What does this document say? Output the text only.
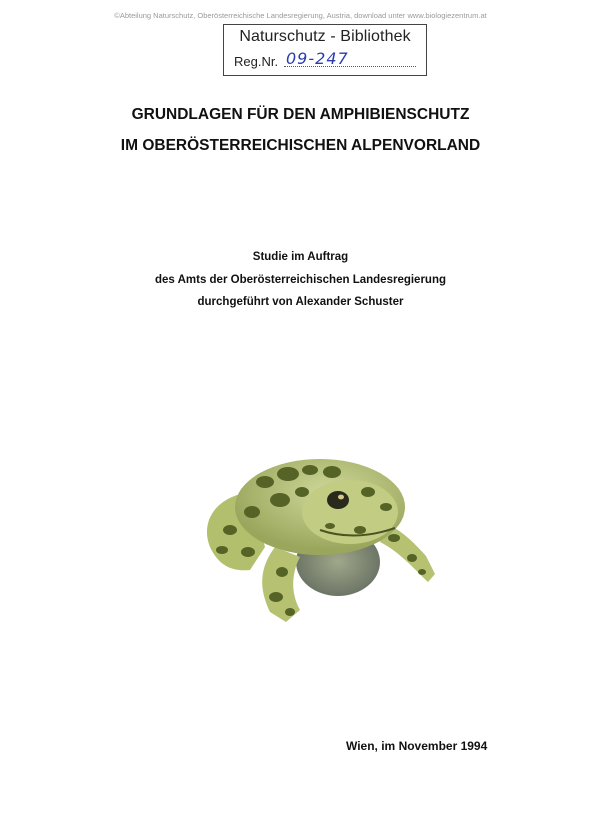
©Abteilung Naturschutz, Oberösterreichische Landesregierung, Austria, download unter www.biologiezentrum.at
Naturschutz - Bibliothek
Reg.Nr. 09-247
GRUNDLAGEN FÜR DEN AMPHIBIENSCHUTZ
IM OBERÖSTERREICHISCHEN ALPENVORLAND
Studie im Auftrag
des Amts der Oberösterreichischen Landesregierung
durchgeführt von Alexander Schuster
Wien, im November 1994
